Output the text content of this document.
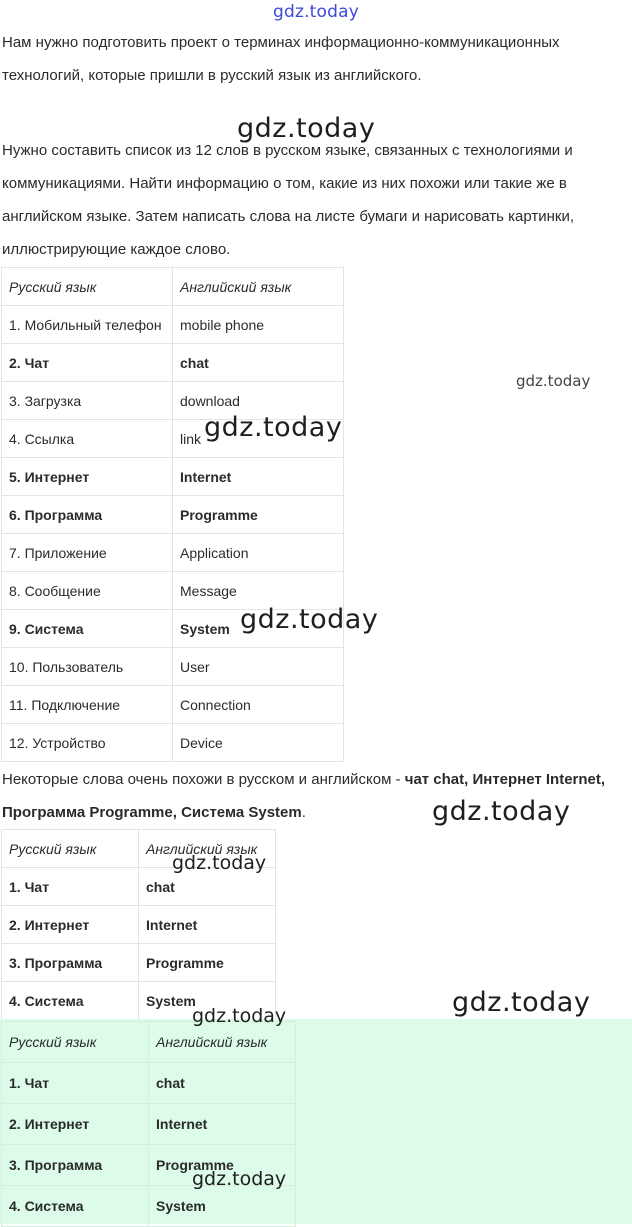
gdz.today

Нам нужно подготовить проект о терминах информационно-коммуникационных технологий, которые пришли в русский язык из английского.

Нужно составить список из 12 слов в русском языке, связанных с технологиями и коммуникациями. Найти информацию о том, какие из них похожи или такие же в английском языке. Затем написать слова на листе бумаги и нарисовать картинки, иллюстрирующие каждое слово.

Русский язык	Английский язык
1. Мобильный телефон	mobile phone
2. Чат	chat
3. Загрузка	download
4. Ссылка	link
5. Интернет	Internet
6. Программа	Programme
7. Приложение	Application
8. Сообщение	Message
9. Система	System
10. Пользователь	User
11. Подключение	Connection
12. Устройство	Device

Некоторые слова очень похожи в русском и английском - чат chat, Интернет Internet, Программа Programme, Система System.

Русский язык	Английский язык
1. Чат	chat
2. Интернет	Internet
3. Программа	Programme
4. Система	System
Русский язык	Английский язык
1. Чат	chat
2. Интернет	Internet
3. Программа	Programme
4. Система	System
gdz.today
gdz.today
gdz.today
gdz.today
gdz.today
gdz.today
gdz.today
gdz.today
gdz.today
